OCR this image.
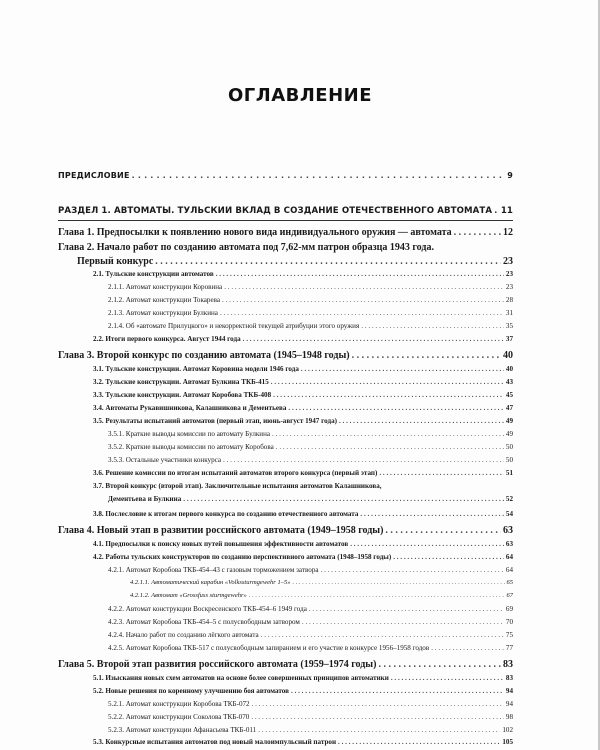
ОГЛАВЛЕНИЕ
ПРЕДИСЛОВИЕ . . .	9
РАЗДЕЛ 1. АВТОМАТЫ. ТУЛЬСКИЙ ВКЛАД В СОЗДАНИЕ ОТЕЧЕСТВЕННОГО АВТОМАТА . . . 11
Глава 1. Предпосылки к появлению нового вида индивидуального оружия — автомата . . .	12
Глава 2. Начало работ по созданию автомата под 7,62-мм патрон образца 1943 года.
Первый конкурс . . .	23
2.1. Тульские конструкции автоматов . . .	23
2.1.1. Автомат конструкции Коровина . . .	23
2.1.2. Автомат конструкции Токарева . . .	28
2.1.3. Автомат конструкции Булкина . . .	31
2.1.4. Об «автомате Прилуцкого» и некорректной текущей атрибуции этого оружия . . .	35
2.2. Итоги первого конкурса. Август 1944 года . . .	37
Глава 3. Второй конкурс по созданию автомата (1945–1948 годы) . . .	40
3.1. Тульские конструкции. Автомат Коровина модели 1946 года . . .	40
3.2. Тульские конструкции. Автомат Булкина ТКБ-415 . . .	43
3.3. Тульские конструкции. Автомат Коробова ТКБ-408 . . .	45
3.4. Автоматы Рукавишникова, Калашникова и Дементьева . . .	47
3.5. Результаты испытаний автоматов (первый этап, июнь-август 1947 года) . . .	49
3.5.1. Краткие выводы комиссии по автомату Булкина . . .	49
3.5.2. Краткие выводы комиссии по автомату Коробова . . .	50
3.5.3. Остальные участники конкурса . . .	50
3.6. Решение комиссии по итогам испытаний автоматов второго конкурса (первый этап) . . .	51
3.7. Второй конкурс (второй этап). Заключительные испытания автоматов Калашникова,
Дементьева и Булкина . . .	52
3.8. Послесловие к итогам первого конкурса по созданию отечественного автомата . . .	54
Глава 4. Новый этап в развитии российского автомата (1949–1958 годы) . . .	63
4.1. Предпосылки к поиску новых путей повышения эффективности автоматов . . .	63
4.2. Работы тульских конструкторов по созданию перспективного автомата (1948–1958 годы) . . .	64
4.2.1. Автомат Коробова ТКБ-454–43 с газовым торможением затвора . . .	64
4.2.1.1. Автоматический карабин «Volkssturmgewehr 1–5» . . .	65
4.2.1.2. Автомат «Grossfuss sturmgewehr» . . .	67
4.2.2. Автомат конструкции Воскресенского ТКБ-454–6 1949 года . . .	69
4.2.3. Автомат Коробова ТКБ-454–5 с полусвободным затвором . . .	70
4.2.4. Начало работ по созданию лёгкого автомата . . .	75
4.2.5. Автомат Коробова ТКБ-517 с полусвободным запиранием и его участие в конкурсе 1956–1958 годов . . .	77
Глава 5. Второй этап развития российского автомата (1959–1974 годы) . . .	83
5.1. Изыскания новых схем автоматов на основе более совершенных принципов автоматики . . .	83
5.2. Новые решения по коренному улучшению боя автоматов . . .	94
5.2.1. Автомат конструкции Коробова ТКБ-072 . . .	94
5.2.2. Автомат конструкции Соколова ТКБ-070 . . .	98
5.2.3. Автомат конструкции Афанасьева ТКБ-011 . . .	102
5.3. Конкурсные испытания автоматов под новый малоимпульсный патрон . . .	105
